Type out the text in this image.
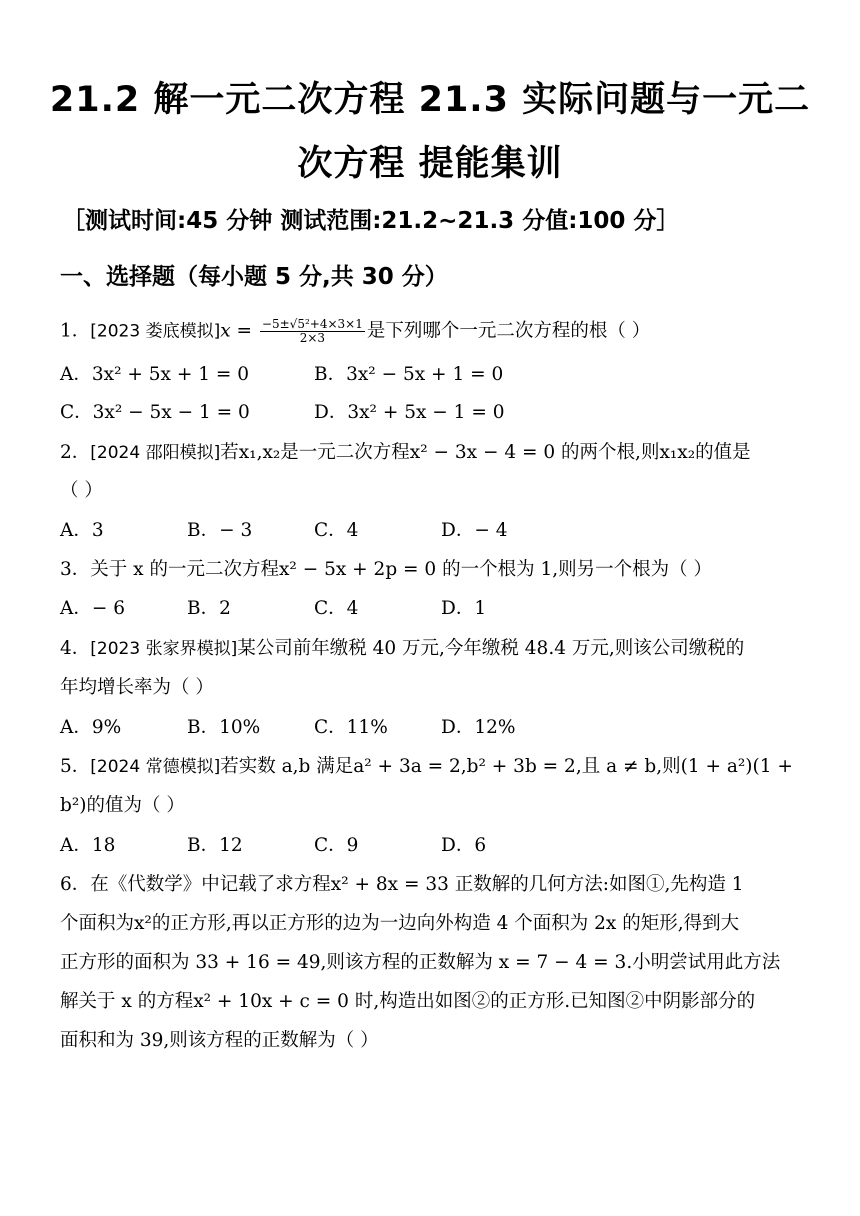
21.2 解一元二次方程 21.3 实际问题与一元二
次方程 提能集训
［测试时间:45 分钟 测试范围:21.2~21.3 分值:100 分］
一、选择题（每小题 5 分,共 30 分）
1．[2023 娄底模拟]$x = \frac{\text{−5±√5²+4×3×1}}{2\times 3}$ 是下列哪个一元二次方程的根（ ）
A．3x² + 5x + 1 = 0	B．3x² − 5x + 1 = 0
C．3x² − 5x − 1 = 0	D．3x² + 5x − 1 = 0
2．[2024 邵阳模拟]若x₁,x₂是一元二次方程x² − 3x − 4 = 0 的两个根,则x₁x₂的值是
（ ）
A．3	B．− 3	C．4	D．− 4
3．关于 x 的一元二次方程x² − 5x + 2p = 0 的一个根为 1,则另一个根为（ ）
A．− 6	B．2	C．4	D．1
4．[2023 张家界模拟]某公司前年缴税 40 万元,今年缴税 48.4 万元,则该公司缴税的
年均增长率为（ ）
A．9%	B．10%	C．11%	D．12%
5．[2024 常德模拟]若实数 a,b 满足a² + 3a = 2,b² + 3b = 2,且 a ≠ b,则(1 + a²)(1 +
b²)的值为（ ）
A．18	B．12	C．9	D．6
6．在《代数学》中记载了求方程x² + 8x = 33 正数解的几何方法:如图①,先构造 1
个面积为x²的正方形,再以正方形的边为一边向外构造 4 个面积为 2x 的矩形,得到大
正方形的面积为 33 + 16 = 49,则该方程的正数解为 x = 7 − 4 = 3.小明尝试用此方法
解关于 x 的方程x² + 10x + c = 0 时,构造出如图②的正方形.已知图②中阴影部分的
面积和为 39,则该方程的正数解为（ ）
